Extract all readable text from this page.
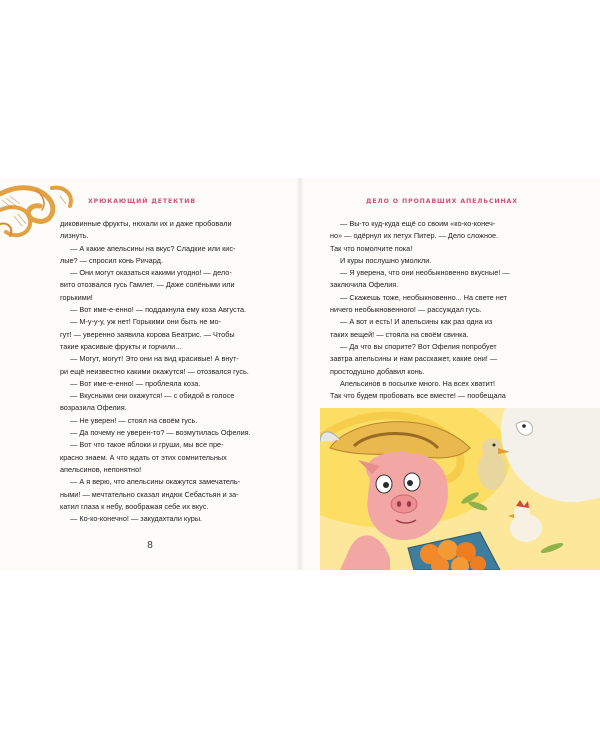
ХРЮКАЮЩИЙ ДЕТЕКТИВ	ДЕЛО О ПРОПАВШИХ АПЕЛЬСИНАХ
диковинные фрукты, нюхали их и даже пробовали
лизнуть.
— А какие апельсины на вкус? Сладкие или кис-
лые? — спросил конь Ричард.
— Они могут оказаться какими угодно! — дело-
вито отозвался гусь Гамлет. — Даже солёными или
горькими!
— Вот име-е-енно! — поддакнула ему коза Августа.
— М-у-у-у, уж нет! Горькими они быть не мо-
гут! — уверенно заявила корова Беатрис. — Чтобы
такие красивые фрукты и горчили...
— Могут, могут! Это они на вид красивые! А внут-
ри ещё неизвестно какими окажутся! — отозвался гусь.
— Вот име-е-енно! — проблеяла коза.
— Вкусными они окажутся! — с обидой в голосе
возразила Офелия.
— Не уверен! — стоял на своём гусь.
— Да почему не уверен-то? — возмутилась Офелия.
— Вот что такое яблоки и груши, мы все пре-
красно знаем. А что ждать от этих сомнительных
апельсинов, непонятно!
— А я верю, что апельсины окажутся замечатель-
ными! — мечтательно сказал индюк Себастьян и за-
катил глаза к небу, воображая себе их вкус.
— Ко-ко-конечно! — закудахтали куры.
— Вы-то куд-куда ещё со своим «ко-ко-конеч-
но» — одёрнул их петух Питер. — Дело сложное.
Так что помолчите пока!
И куры послушно умолкли.
— Я уверена, что они необыкновенно вкусные! —
заключила Офелия.
— Скажешь тоже, необыкновенно... На свете нет
ничего необыкновенного! — рассуждал гусь.
— А вот и есть! И апельсины как раз одна из
таких вещей! — стояла на своём свинка.
— Да что вы спорите? Вот Офелия попробует
завтра апельсины и нам расскажет, какие они! —
простодушно добавил конь.
Апельсинов в посылке много. На всех хватит!
Так что будем пробовать все вместе! — пообещала
8
